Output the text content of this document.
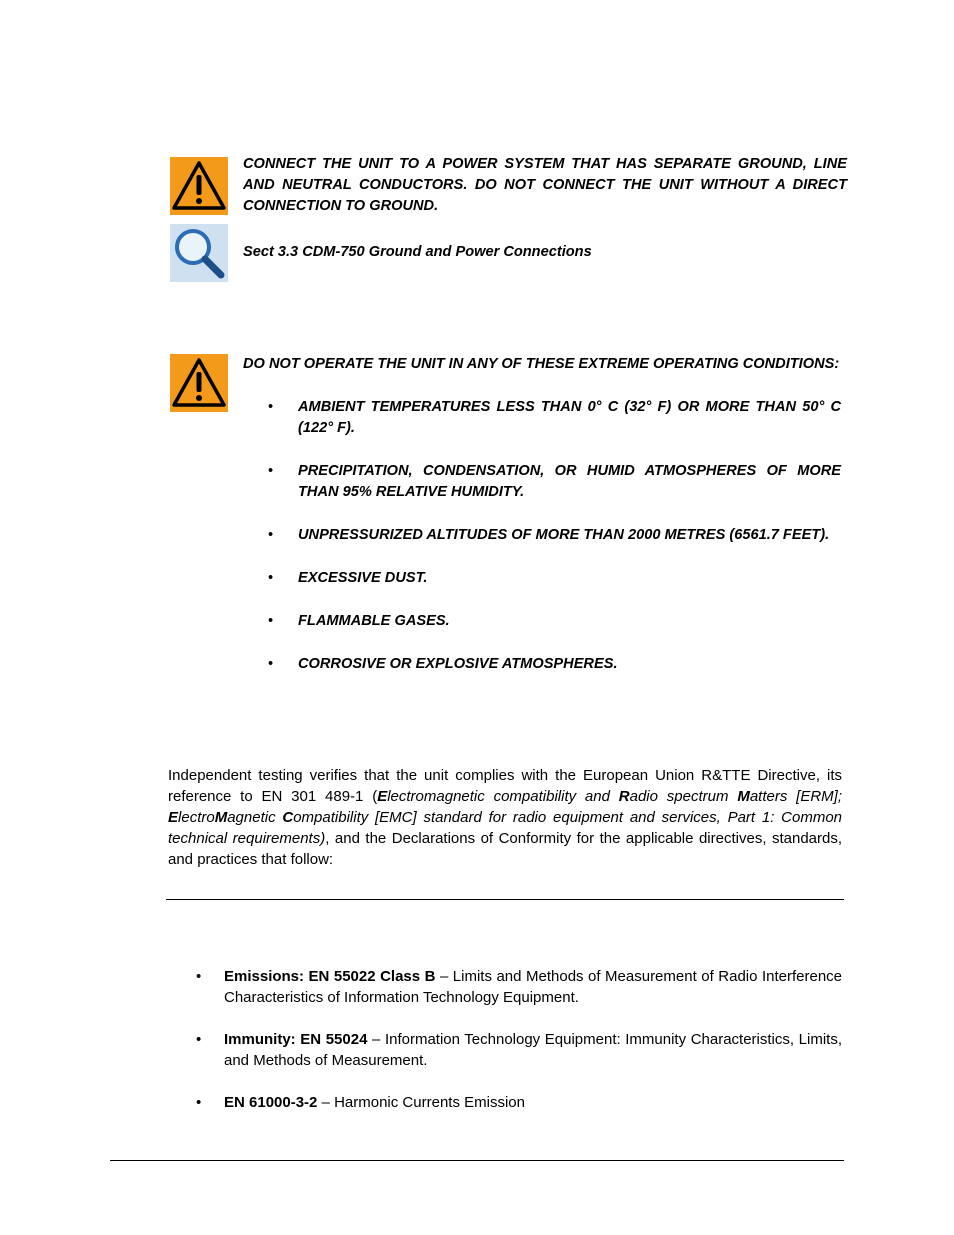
CONNECT THE UNIT TO A POWER SYSTEM THAT HAS SEPARATE GROUND, LINE AND NEUTRAL CONDUCTORS. DO NOT CONNECT THE UNIT WITHOUT A DIRECT CONNECTION TO GROUND.
Sect 3.3 CDM-750 Ground and Power Connections
DO NOT OPERATE THE UNIT IN ANY OF THESE EXTREME OPERATING CONDITIONS:
• AMBIENT TEMPERATURES LESS THAN 0° C (32° F) OR MORE THAN 50° C (122° F).
• PRECIPITATION, CONDENSATION, OR HUMID ATMOSPHERES OF MORE THAN 95% RELATIVE HUMIDITY.
• UNPRESSURIZED ALTITUDES OF MORE THAN 2000 METRES (6561.7 FEET).
• EXCESSIVE DUST.
• FLAMMABLE GASES.
• CORROSIVE OR EXPLOSIVE ATMOSPHERES.
Independent testing verifies that the unit complies with the European Union R&TTE Directive, its reference to EN 301 489-1 (Electromagnetic compatibility and Radio spectrum Matters [ERM]; ElectroMagnetic Compatibility [EMC] standard for radio equipment and services, Part 1: Common technical requirements), and the Declarations of Conformity for the applicable directives, standards, and practices that follow:
• Emissions: EN 55022 Class B – Limits and Methods of Measurement of Radio Interference Characteristics of Information Technology Equipment.
• Immunity: EN 55024 – Information Technology Equipment: Immunity Characteristics, Limits, and Methods of Measurement.
• EN 61000-3-2 – Harmonic Currents Emission
